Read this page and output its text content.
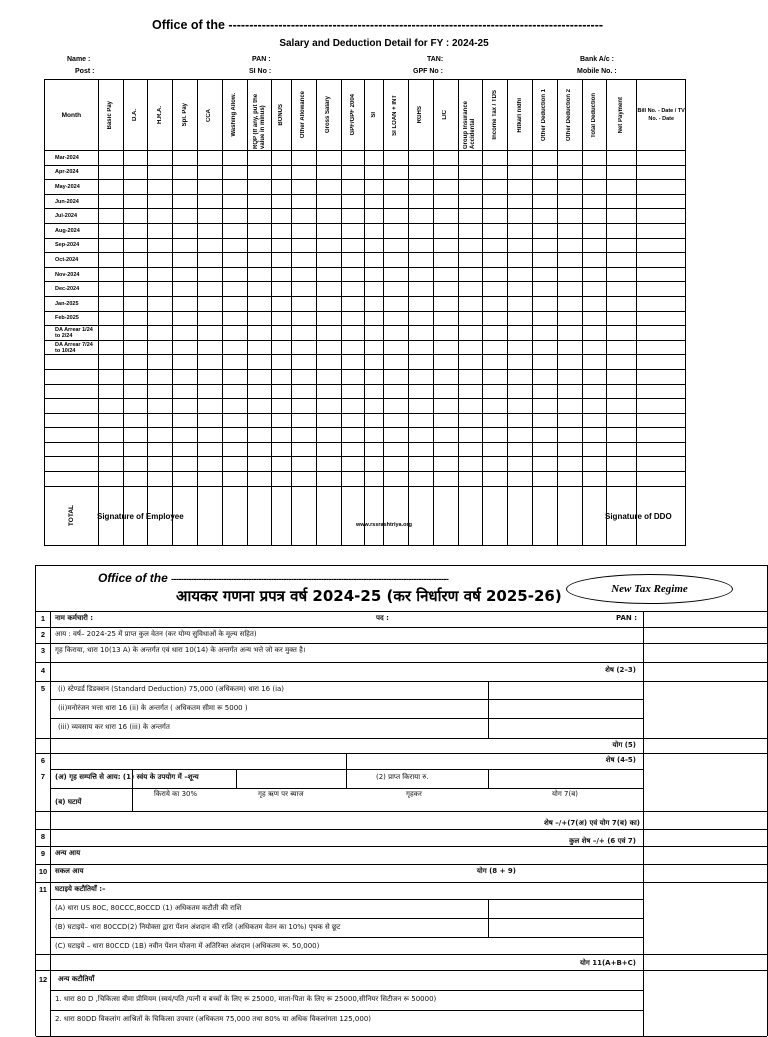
Office of the ------------------------------------------------------------------------------------------
Salary and Deduction Detail for FY : 2024-25
Name :	PAN :	TAN:	Bank A/c :
Post :	SI No :	GPF No :	Mobile No. :
Month	Basic Pay	D.A.	H.R.A.	Spl. Pay	CCA	Washing Allow.	RQP (If any, put the value in minus)	BONUS	Other Allowance	Gross Salary	GPF/GPF 2004	SI	SI LOAN + INT	RGHS	LIC	Group Insurance Accidental	Income Tax / TDS	Hitkari nidhi	Other Deduction 1	Other Deduction 2	Total Deduction	Net Payment	Bill No. - Date / TV No. - Date
Mar-2024																							
Apr-2024																							
May-2024																							
Jun-2024																							
Jul-2024																							
Aug-2024																							
Sep-2024																							
Oct-2024																							
Nov-2024																							
Dec-2024																							
Jan-2025																							
Feb-2025																							
DA Arrear 1/24 to 2/24																							
DA Arrear 7/24 to 10/24																							

TOTAL																							
																								Signature of Employee	Signature of DDO
www.rssrashtriya.org
Office of the ---------------------------------------------------------------------------------------------------------------
आयकर गणना प्रपत्र वर्ष 2024-25 (कर निर्धारण वर्ष 2025-26)	New Tax Regime
1	नाम कर्मचारी :	पद :	PAN :
2	आय : वर्ष– 2024-25 में प्राप्त कुल वेतन (कर योग्य सुविधाओं के मूल्य सहित)
3	गृह किराया, धारा 10(13 A) के अन्तर्गत एवं धारा 10(14) के अन्तर्गत अन्य भत्ते जो कर मुक्त है।
4	शेष (2–3)
5	(i) स्टेण्डर्ड डिडक्शन (Standard Deduction) 75,000 (अधिकतम) धारा 16 (ia)
(ii)मनोरंजन भत्ता धारा 16 (ii) के अन्तर्गत ( अधिकतम सीमा रू 5000 )
(iii) व्यवसाय कर धारा 16 (iii) के अन्तर्गत
योग (5)
6	शेष (4-5)
7	(अ) गृह सम्पत्ति से आय: (1) स्वंय के उपयोग में –शून्य	(2) प्राप्त किराया रु.
(ब) घटायें
किराये का 30%	गृह ऋण पर ब्याज	गृहकर	योग 7(ब)
शेष –/+(7(अ) एवं योग 7(ब) का)
8	कुल शेष –/+ (6 एवं 7)
9	अन्य आय
10	सकल आय	योग (8 + 9)
11	घटाइये कटौतियाँ :–
(A) धारा US 80C, 80CCC,80CCD (1) अधिकतम कटौती की राशि
(B) घटाइये– धारा 80CCD(2) नियोक्ता द्वारा पेंशन अंशदान की राशि (अधिकतम वेतन का 10%) पृथक से छूट
(C) घटाइये – धारा 80CCD (1B) नवीन पेंशन योजना में अतिरिक्त अंशदान (अधिकतम रू. 50,000)
योग 11(A+B+C)
12	अन्य कटौतियाँ
1. धारा 80 D ,चिकित्सा बीमा प्रीमियम (स्वयं/पति /पत्नी व बच्चों के लिए रू 25000, माता-पिता के लिए रू 25000,सीनियर सिटीजन रू 50000)
2. धारा 80DD विकलांग आश्रितों के चिकित्सा उपचार (अधिकतम 75,000 तथा 80% या अधिक विकलांगता 125,000)
